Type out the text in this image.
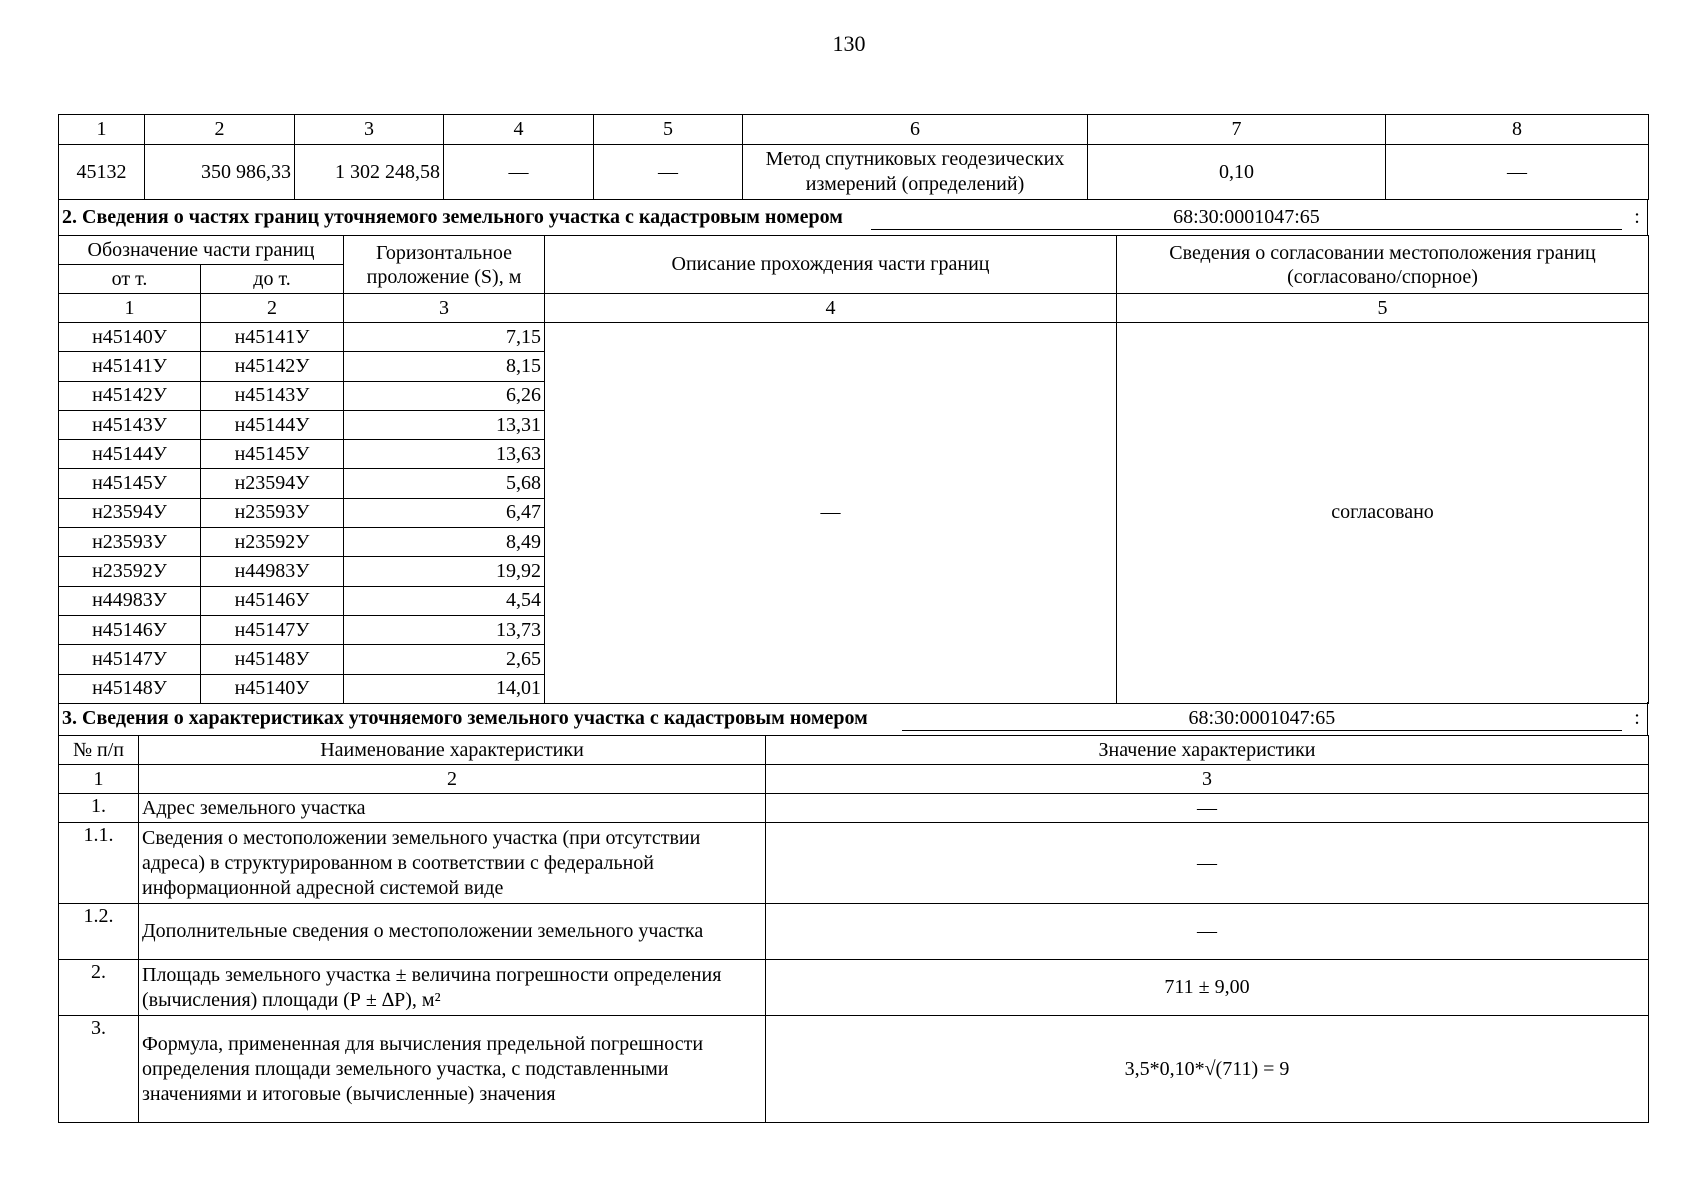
130
1	2	3	4	5	6	7	8
45132	350 986,33	1 302 248,58	—	—	Метод спутниковых геодезических измерений (определений)	0,10	—
2. Сведения о частях границ уточняемого земельного участка с кадастровым номером	68:30:0001047:65	:
Обозначение части границ		Горизонтальное проложение (S), м	Описание прохождения части границ	Сведения о согласовании местоположения границ (согласовано/спорное)
от т.	до т.			
1	2	3	4	5
н45140У	н45141У	7,15	—	согласовано
н45141У	н45142У	8,15		
н45142У	н45143У	6,26		
н45143У	н45144У	13,31		
н45144У	н45145У	13,63		
н45145У	н23594У	5,68		
н23594У	н23593У	6,47		
н23593У	н23592У	8,49		
н23592У	н44983У	19,92		
н44983У	н45146У	4,54		
н45146У	н45147У	13,73		
н45147У	н45148У	2,65		
н45148У	н45140У	14,01		
3. Сведения о характеристиках уточняемого земельного участка с кадастровым номером	68:30:0001047:65	:
№ п/п	Наименование характеристики	Значение характеристики
1	2	3
1.	Адрес земельного участка	—
1.1.	Сведения о местоположении земельного участка (при отсутствии адреса) в структурированном в соответствии с федеральной информационной адресной системой виде	—
1.2.	Дополнительные сведения о местоположении земельного участка	—
2.	Площадь земельного участка ± величина погрешности определения (вычисления) площади (Р ± ∆Р), м²	711 ± 9,00
3.	Формула, примененная для вычисления предельной погрешности определения площади земельного участка, с подставленными значениями и итоговые (вычисленные) значения	3,5*0,10*√(711) = 9
